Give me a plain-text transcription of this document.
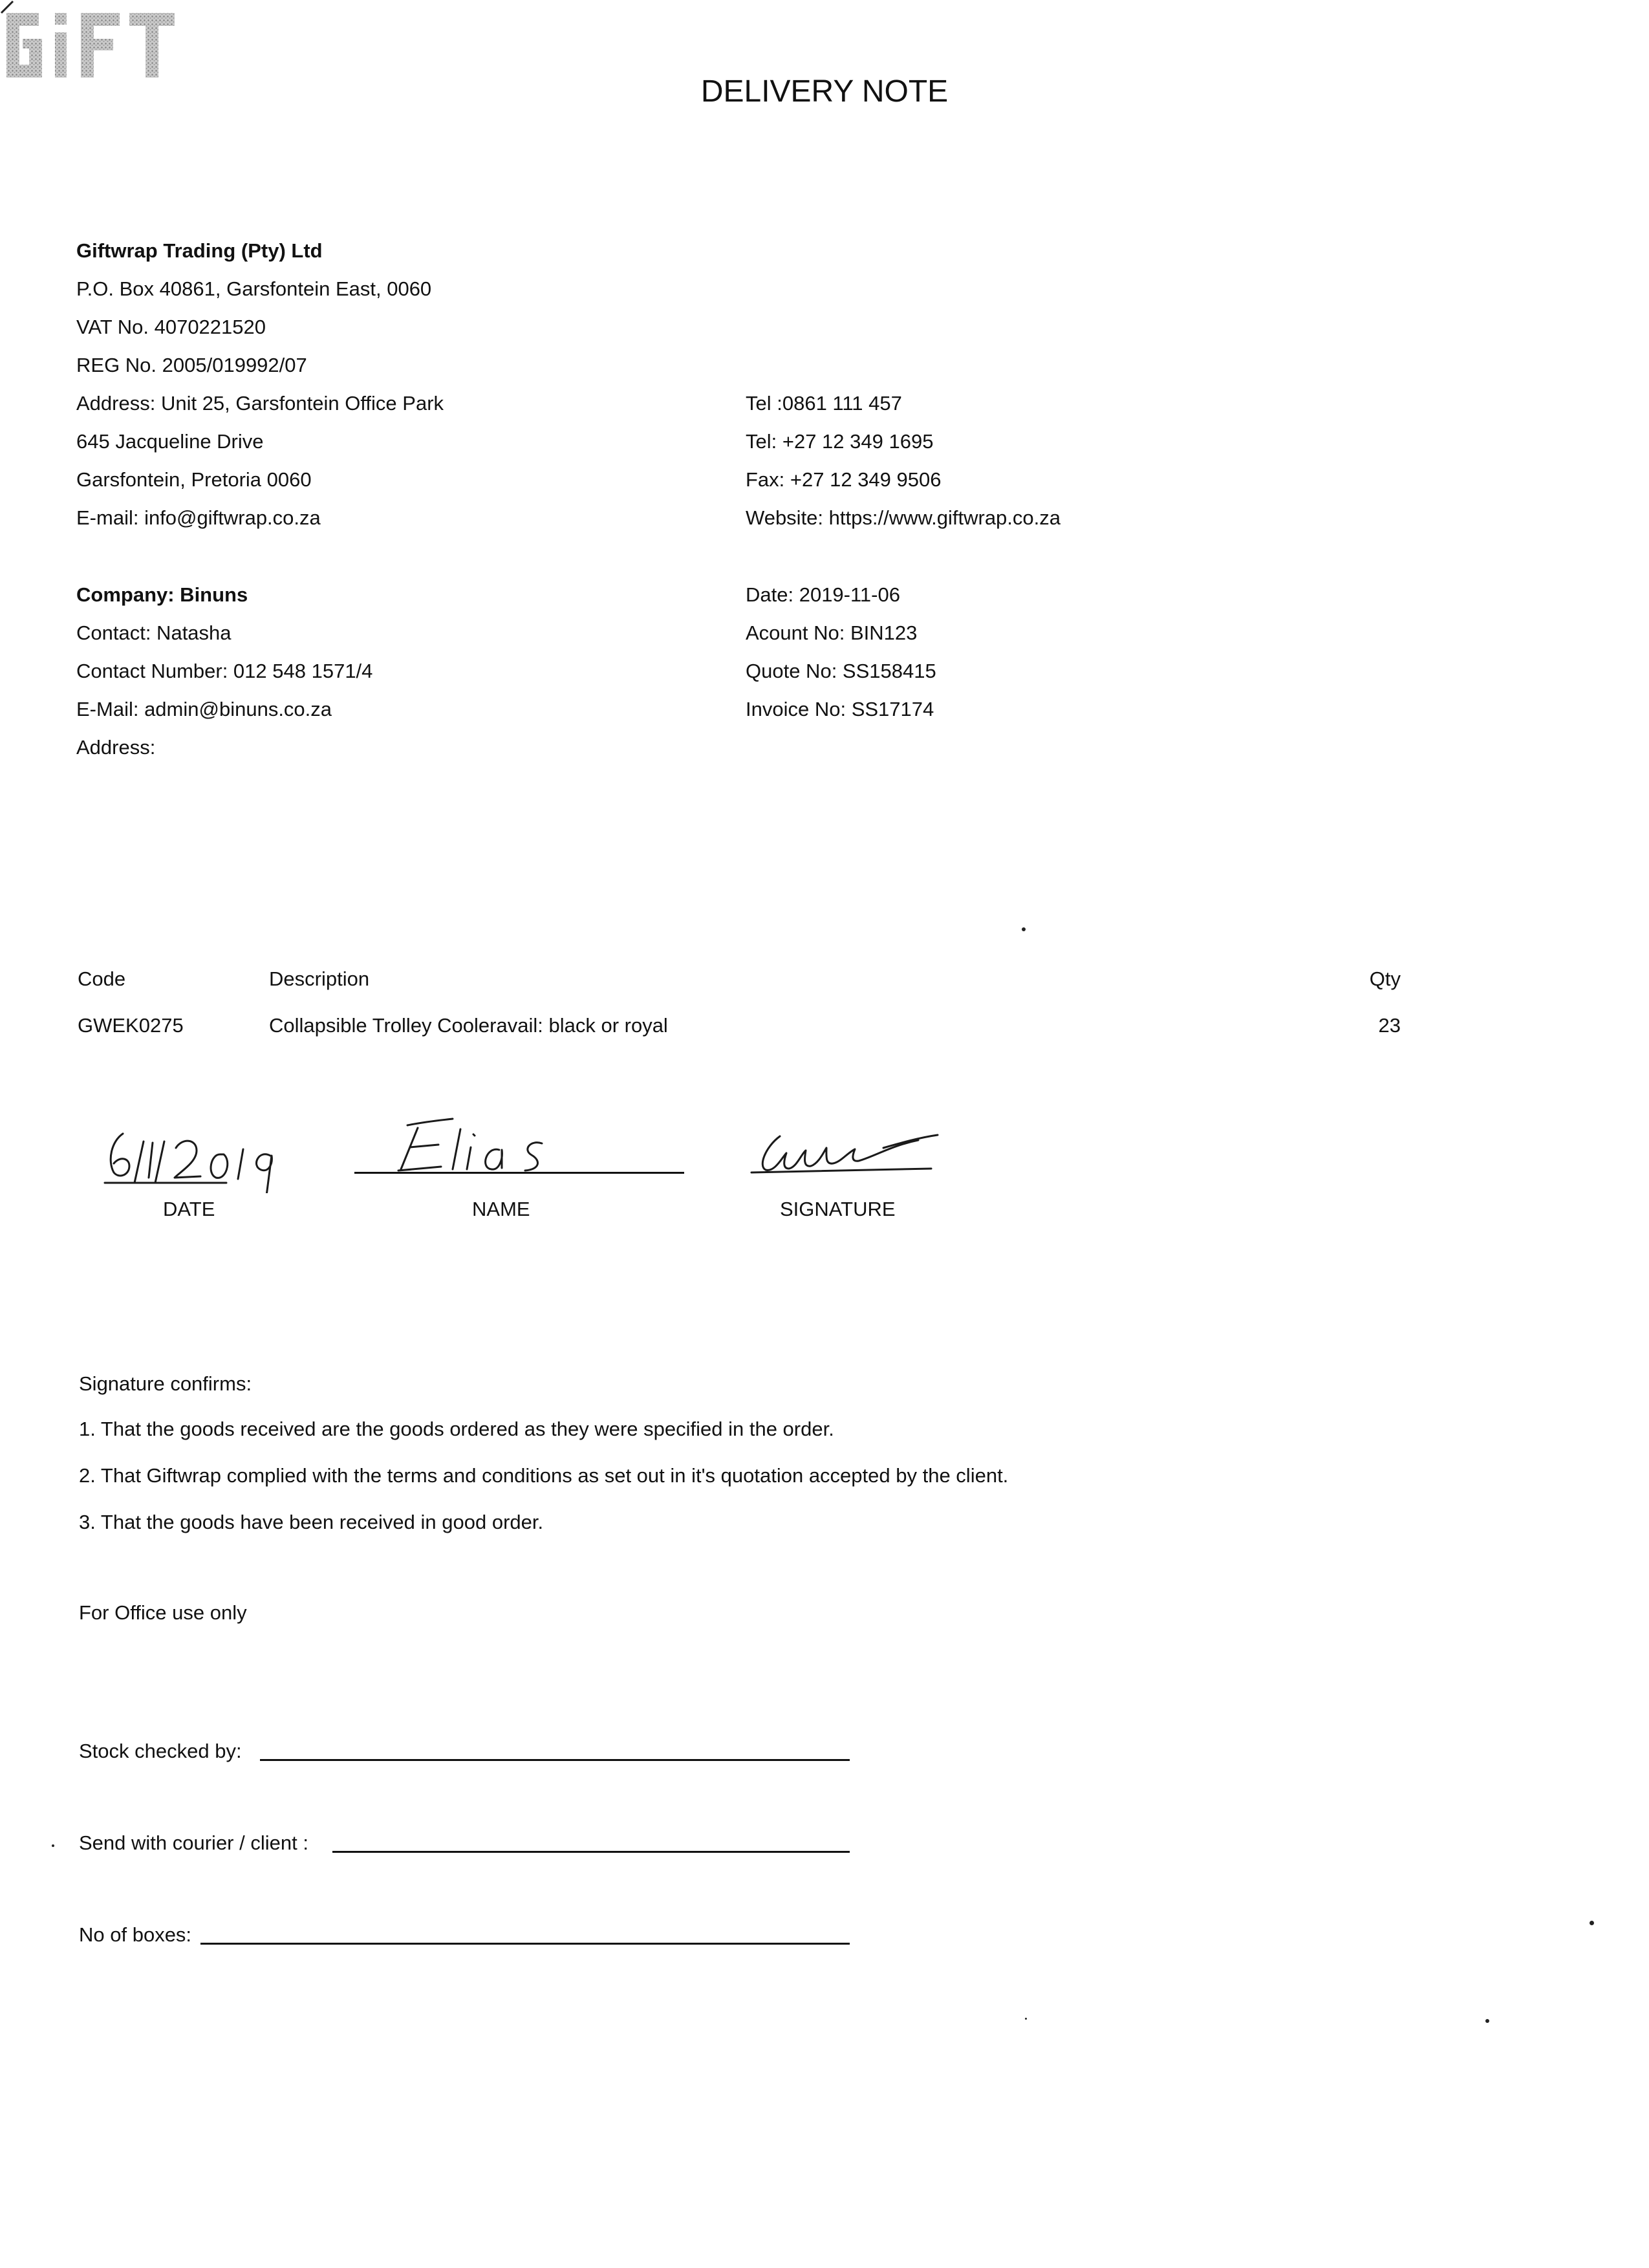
DELIVERY NOTE
Giftwrap Trading (Pty) Ltd
P.O. Box 40861, Garsfontein East, 0060
VAT No. 4070221520
REG No. 2005/019992/07
Address: Unit 25, Garsfontein Office Park
645 Jacqueline Drive
Garsfontein, Pretoria 0060
E-mail: info@giftwrap.co.za
Tel :0861 111 457
Tel: +27 12 349 1695
Fax: +27 12 349 9506
Website: https://www.giftwrap.co.za
Company: Binuns
Contact: Natasha
Contact Number: 012 548 1571/4
E-Mail: admin@binuns.co.za
Address:
Date: 2019-11-06
Acount No: BIN123
Quote No: SS158415
Invoice No: SS17174
Code	Description	Qty
GWEK0275	Collapsible Trolley Cooleravail: black or royal	23
DATE	NAME	SIGNATURE
Signature confirms:
1. That the goods received are the goods ordered as they were specified in the order.
2. That Giftwrap complied with the terms and conditions as set out in it's quotation accepted by the client.
3. That the goods have been received in good order.
For Office use only
Stock checked by:
Send with courier / client :
No of boxes:
